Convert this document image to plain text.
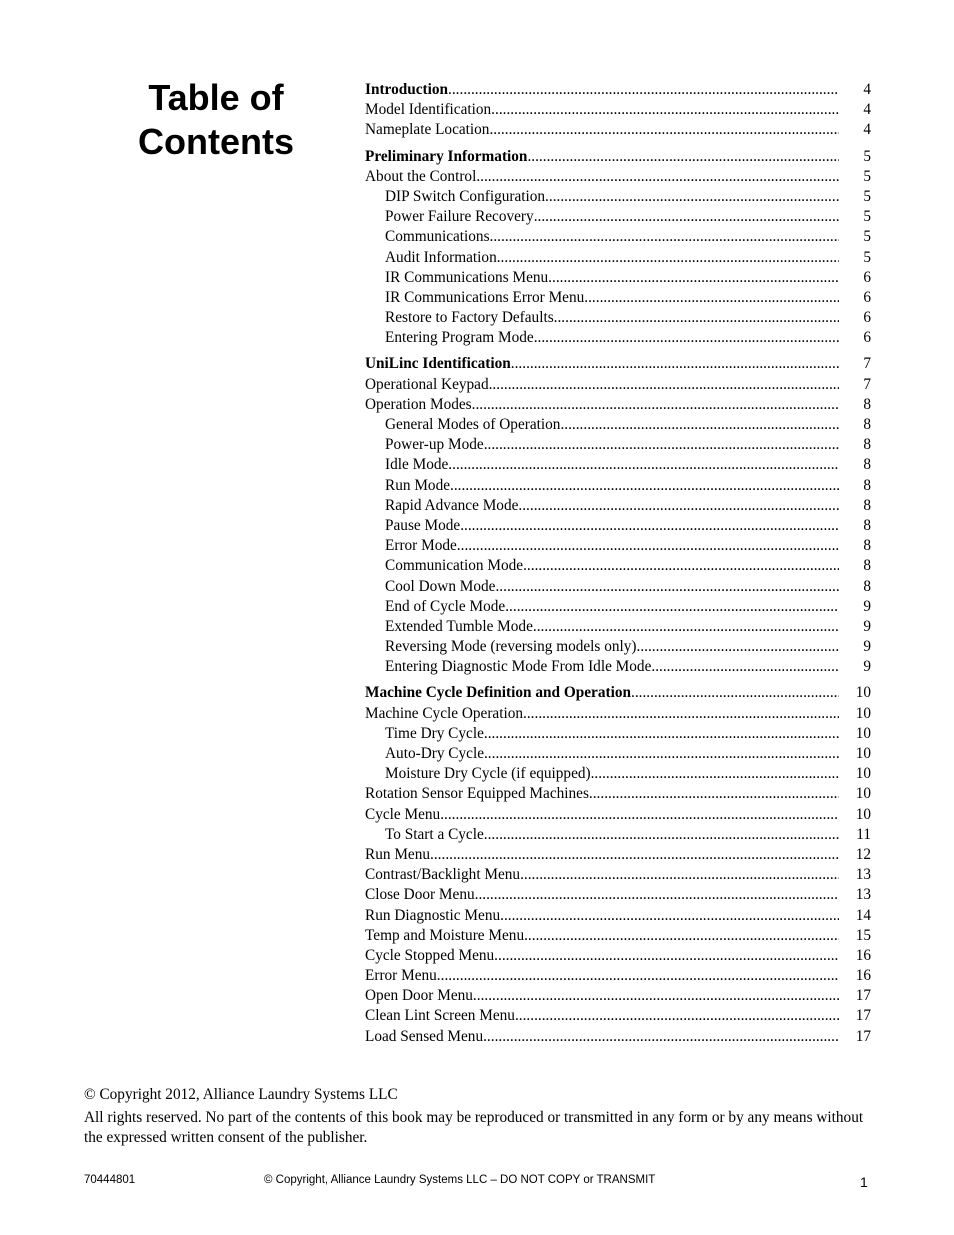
Table of
Contents
Introduction .....	4
Model Identification .....	4
Nameplate Location .....	4
Preliminary Information .....	5
About the Control .....	5
DIP Switch Configuration .....	5
Power Failure Recovery .....	5
Communications .....	5
Audit Information .....	5
IR Communications Menu .....	6
IR Communications Error Menu .....	6
Restore to Factory Defaults .....	6
Entering Program Mode .....	6
UniLinc Identification .....	7
Operational Keypad .....	7
Operation Modes .....	8
General Modes of Operation .....	8
Power-up Mode .....	8
Idle Mode .....	8
Run Mode .....	8
Rapid Advance Mode .....	8
Pause Mode .....	8
Error Mode .....	8
Communication Mode .....	8
Cool Down Mode .....	8
End of Cycle Mode .....	9
Extended Tumble Mode .....	9
Reversing Mode (reversing models only) .....	9
Entering Diagnostic Mode From Idle Mode .....	9
Machine Cycle Definition and Operation .....	10
Machine Cycle Operation .....	10
Time Dry Cycle .....	10
Auto-Dry Cycle .....	10
Moisture Dry Cycle (if equipped) .....	10
Rotation Sensor Equipped Machines .....	10
Cycle Menu .....	10
To Start a Cycle .....	11
Run Menu .....	12
Contrast/Backlight Menu .....	13
Close Door Menu .....	13
Run Diagnostic Menu .....	14
Temp and Moisture Menu .....	15
Cycle Stopped Menu .....	16
Error Menu .....	16
Open Door Menu .....	17
Clean Lint Screen Menu .....	17
Load Sensed Menu .....	17

© Copyright 2012, Alliance Laundry Systems LLC

All rights reserved. No part of the contents of this book may be reproduced or transmitted in any form or by any means without the expressed written consent of the publisher.

70444801	© Copyright, Alliance Laundry Systems LLC – DO NOT COPY or TRANSMIT	1
